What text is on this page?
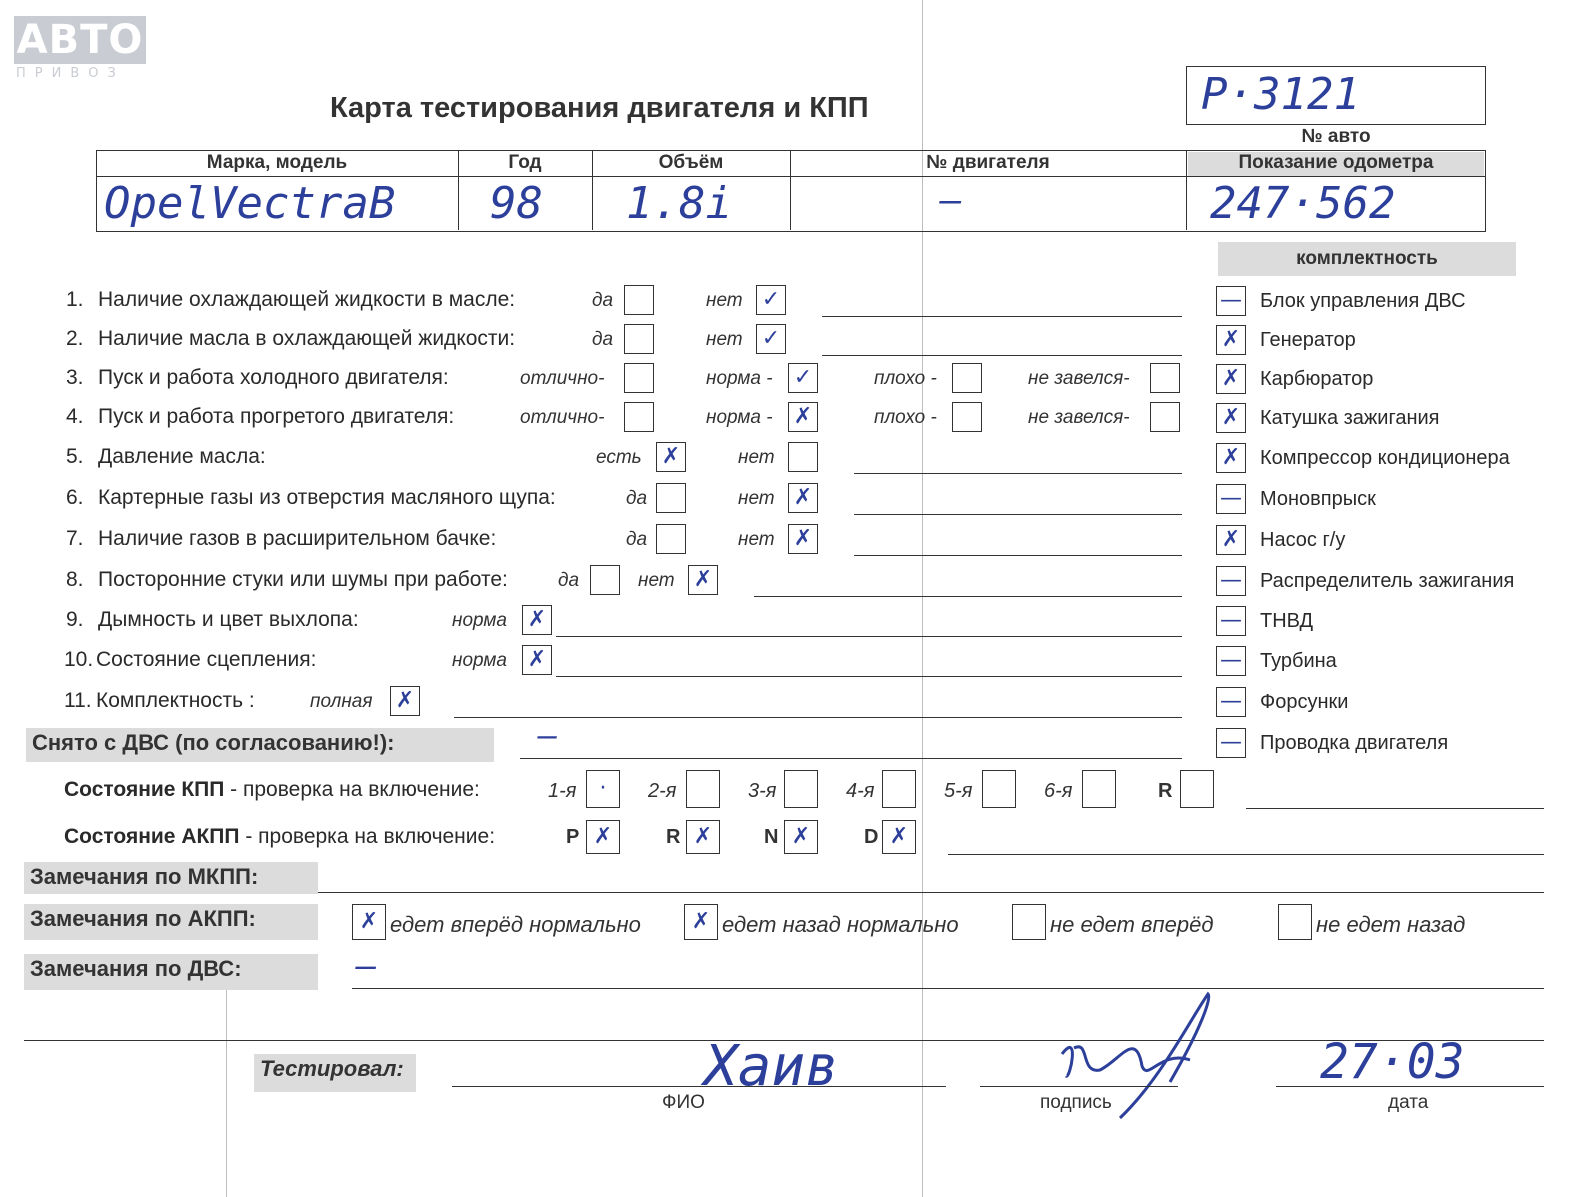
АВТО
ПРИВОЗ
Карта тестирования двигателя и КПП	P·3121
№ авто
Марка, модель	Год	Объём	№ двигателя	Показание одометра
OpelVectraB 98 1.8i	—	247·562
комплектность
1. Наличие охлаждающей жидкости в масле:	да	нет ✓
2. Наличие масла в охлаждающей жидкости:	да	нет ✓
3. Пуск и работа холодного двигателя:	отлично-	норма - ✓	плохо -	не завелся-
4. Пуск и работа прогретого двигателя:	отлично-	норма - ✗	плохо -	не завелся-
5. Давление масла:	есть ✗	нет
6. Картерные газы из отверстия масляного щупа:	да	нет ✗
7. Наличие газов в расширительном бачке:	да	нет ✗
8. Посторонние стуки или шумы при работе:	да	нет ✗
9. Дымность и цвет выхлопа:	норма ✗
10. Состояние сцепления:	норма ✗
11. Комплектность :	полная ✗
— Блок управления ДВС
✗ Генератор
✗ Карбюратор
✗ Катушка зажигания
✗ Компрессор кондиционера
— Моновпрыск
✗ Насос г/у
— Распределитель зажигания
— ТНВД
— Турбина
— Форсунки
— Проводка двигателя
Снято с ДВС (по согласованию!):	—
Состояние КПП - проверка на включение:	1-я	·	2-я	3-я	4-я	5-я	6-я	R
Состояние АКПП - проверка на включение:	P ✗	R ✗	N ✗	D ✗
Замечания по МКПП:
Замечания по АКПП:	✗ едет вперёд нормально	✗ едет назад нормально	не едет вперёд	не едет назад
Замечания по ДВС:	—
Тестировал:	Хаив
ФИО	подпись
27·03
дата
